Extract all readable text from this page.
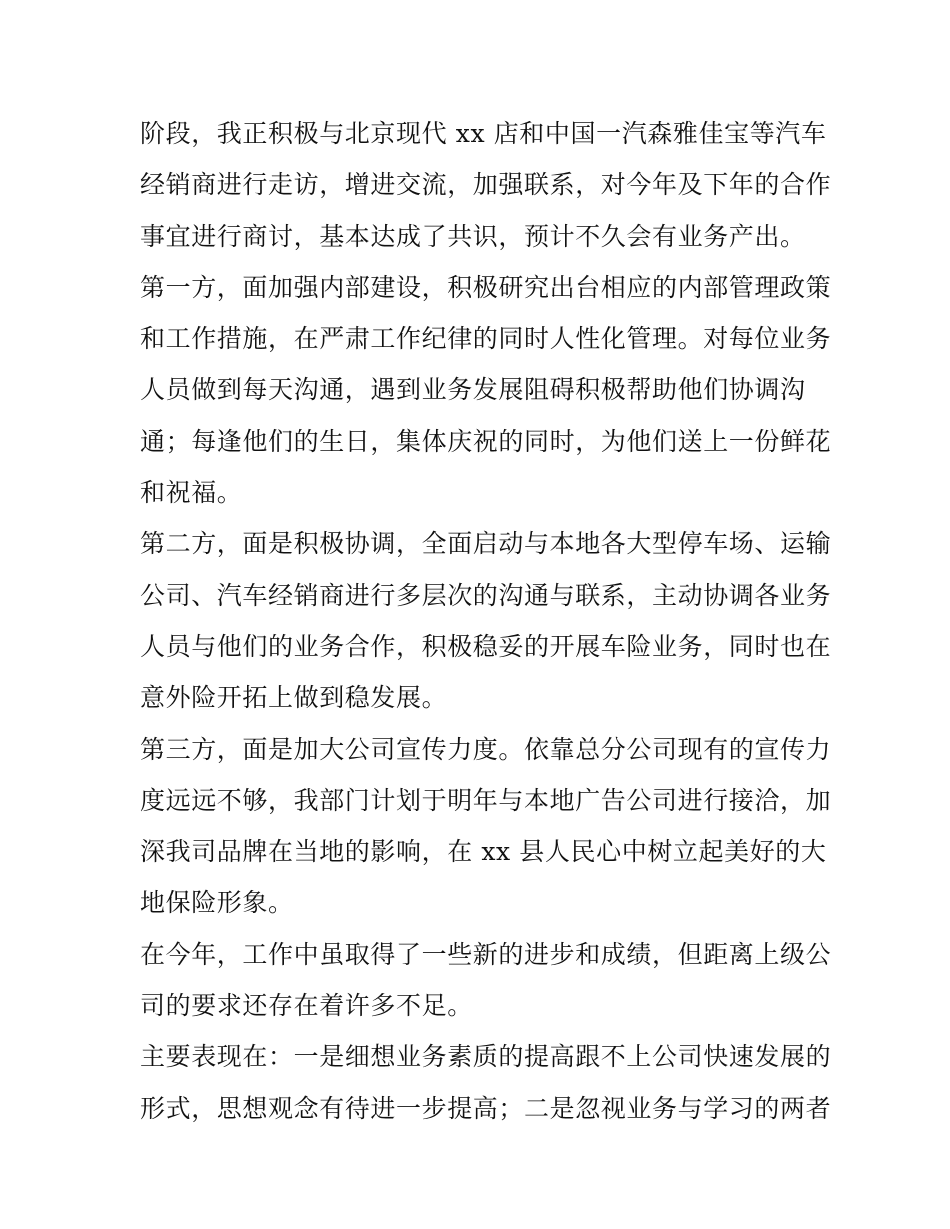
阶段，我正积极与北京现代 xx 店和中国一汽森雅佳宝等汽车
经销商进行走访，增进交流，加强联系，对今年及下年的合作
事宜进行商讨，基本达成了共识，预计不久会有业务产出。
第一方，面加强内部建设，积极研究出台相应的内部管理政策
和工作措施，在严肃工作纪律的同时人性化管理。对每位业务
人员做到每天沟通，遇到业务发展阻碍积极帮助他们协调沟
通；每逢他们的生日，集体庆祝的同时，为他们送上一份鲜花
和祝福。
第二方，面是积极协调，全面启动与本地各大型停车场、运输
公司、汽车经销商进行多层次的沟通与联系，主动协调各业务
人员与他们的业务合作，积极稳妥的开展车险业务，同时也在
意外险开拓上做到稳发展。
第三方，面是加大公司宣传力度。依靠总分公司现有的宣传力
度远远不够，我部门计划于明年与本地广告公司进行接洽，加
深我司品牌在当地的影响，在 xx 县人民心中树立起美好的大
地保险形象。
在今年，工作中虽取得了一些新的进步和成绩，但距离上级公
司的要求还存在着许多不足。
主要表现在：一是细想业务素质的提高跟不上公司快速发展的
形式，思想观念有待进一步提高；二是忽视业务与学习的两者
